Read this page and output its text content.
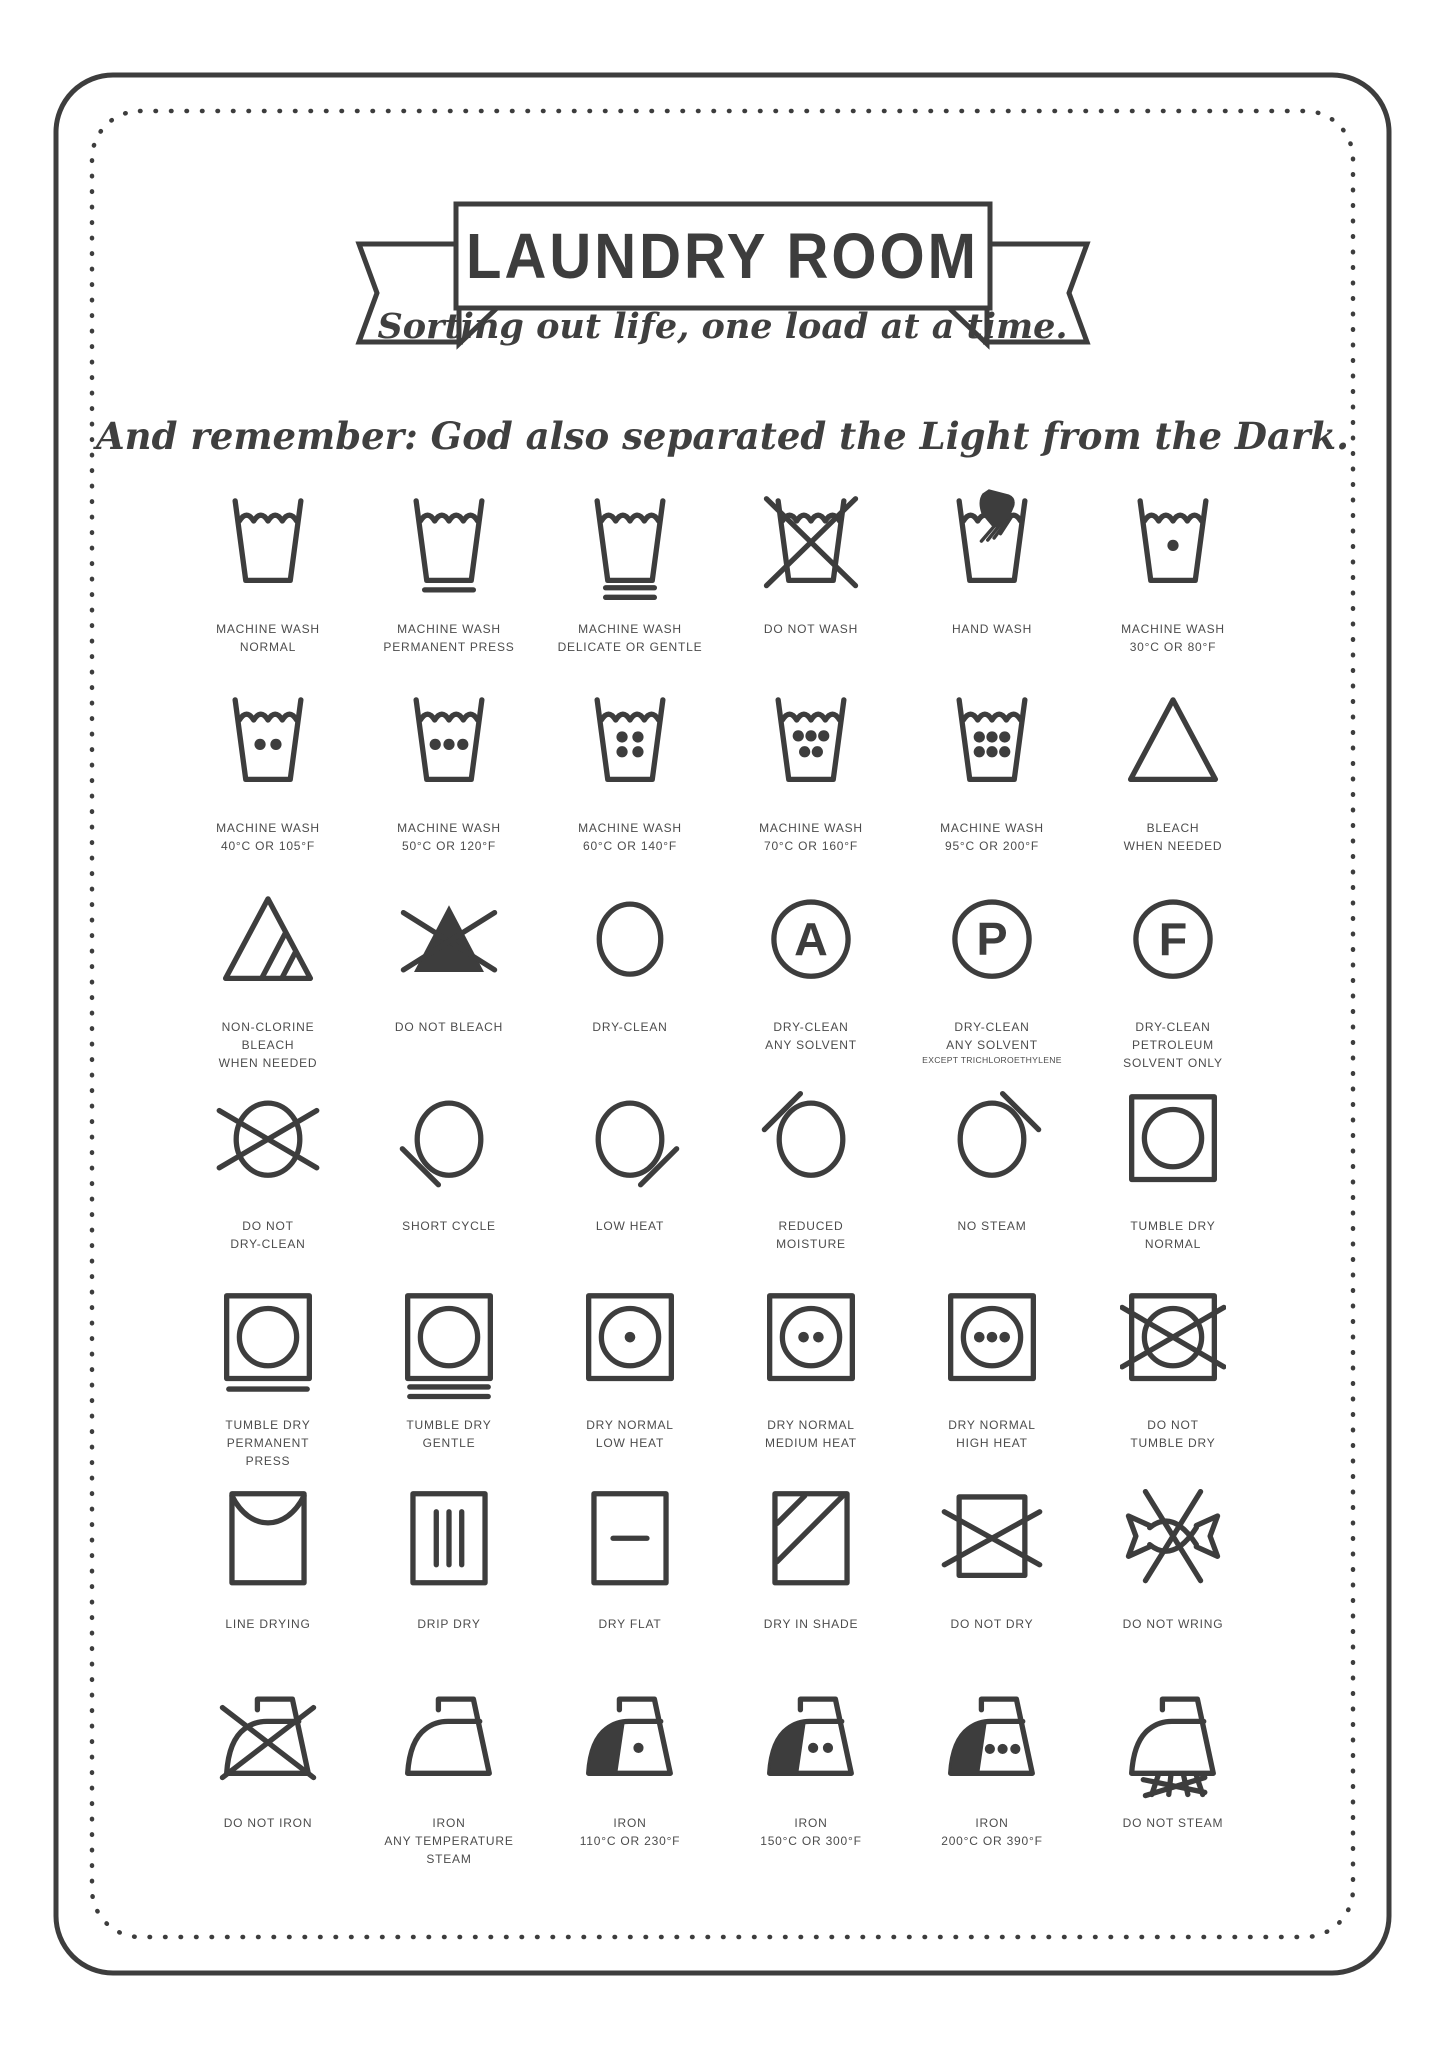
LAUNDRY ROOM
Sorting out life, one load at a time.
And remember: God also separated the Light from the Dark.
MACHINE WASH
NORMAL
MACHINE WASH
PERMANENT PRESS
MACHINE WASH
DELICATE OR GENTLE
DO NOT WASH	HAND WASH	MACHINE WASH
30°C OR 80°F
MACHINE WASH
40°C OR 105°F
MACHINE WASH
50°C OR 120°F
MACHINE WASH
60°C OR 140°F
MACHINE WASH
70°C OR 160°F
MACHINE WASH
95°C OR 200°F
BLEACH
WHEN NEEDED
NON-CLORINE
BLEACH
WHEN NEEDED
DO NOT BLEACH	DRY-CLEAN
A
DRY-CLEAN
ANY SOLVENT
P
DRY-CLEAN
ANY SOLVENT
EXCEPT TRICHLOROETHYLENE
F
DRY-CLEAN
PETROLEUM
SOLVENT ONLY
DO NOT
DRY-CLEAN
SHORT CYCLE	LOW HEAT	REDUCED
MOISTURE
NO STEAM	TUMBLE DRY
NORMAL
TUMBLE DRY
PERMANENT
PRESS
TUMBLE DRY
GENTLE
DRY NORMAL
LOW HEAT
DRY NORMAL
MEDIUM HEAT
DRY NORMAL
HIGH HEAT
DO NOT
TUMBLE DRY
LINE DRYING	DRIP DRY	DRY FLAT	DRY IN SHADE	DO NOT DRY	DO NOT WRING
DO NOT IRON	IRON
ANY TEMPERATURE
STEAM
IRON
110°C OR 230°F
IRON
150°C OR 300°F
IRON
200°C OR 390°F
DO NOT STEAM
